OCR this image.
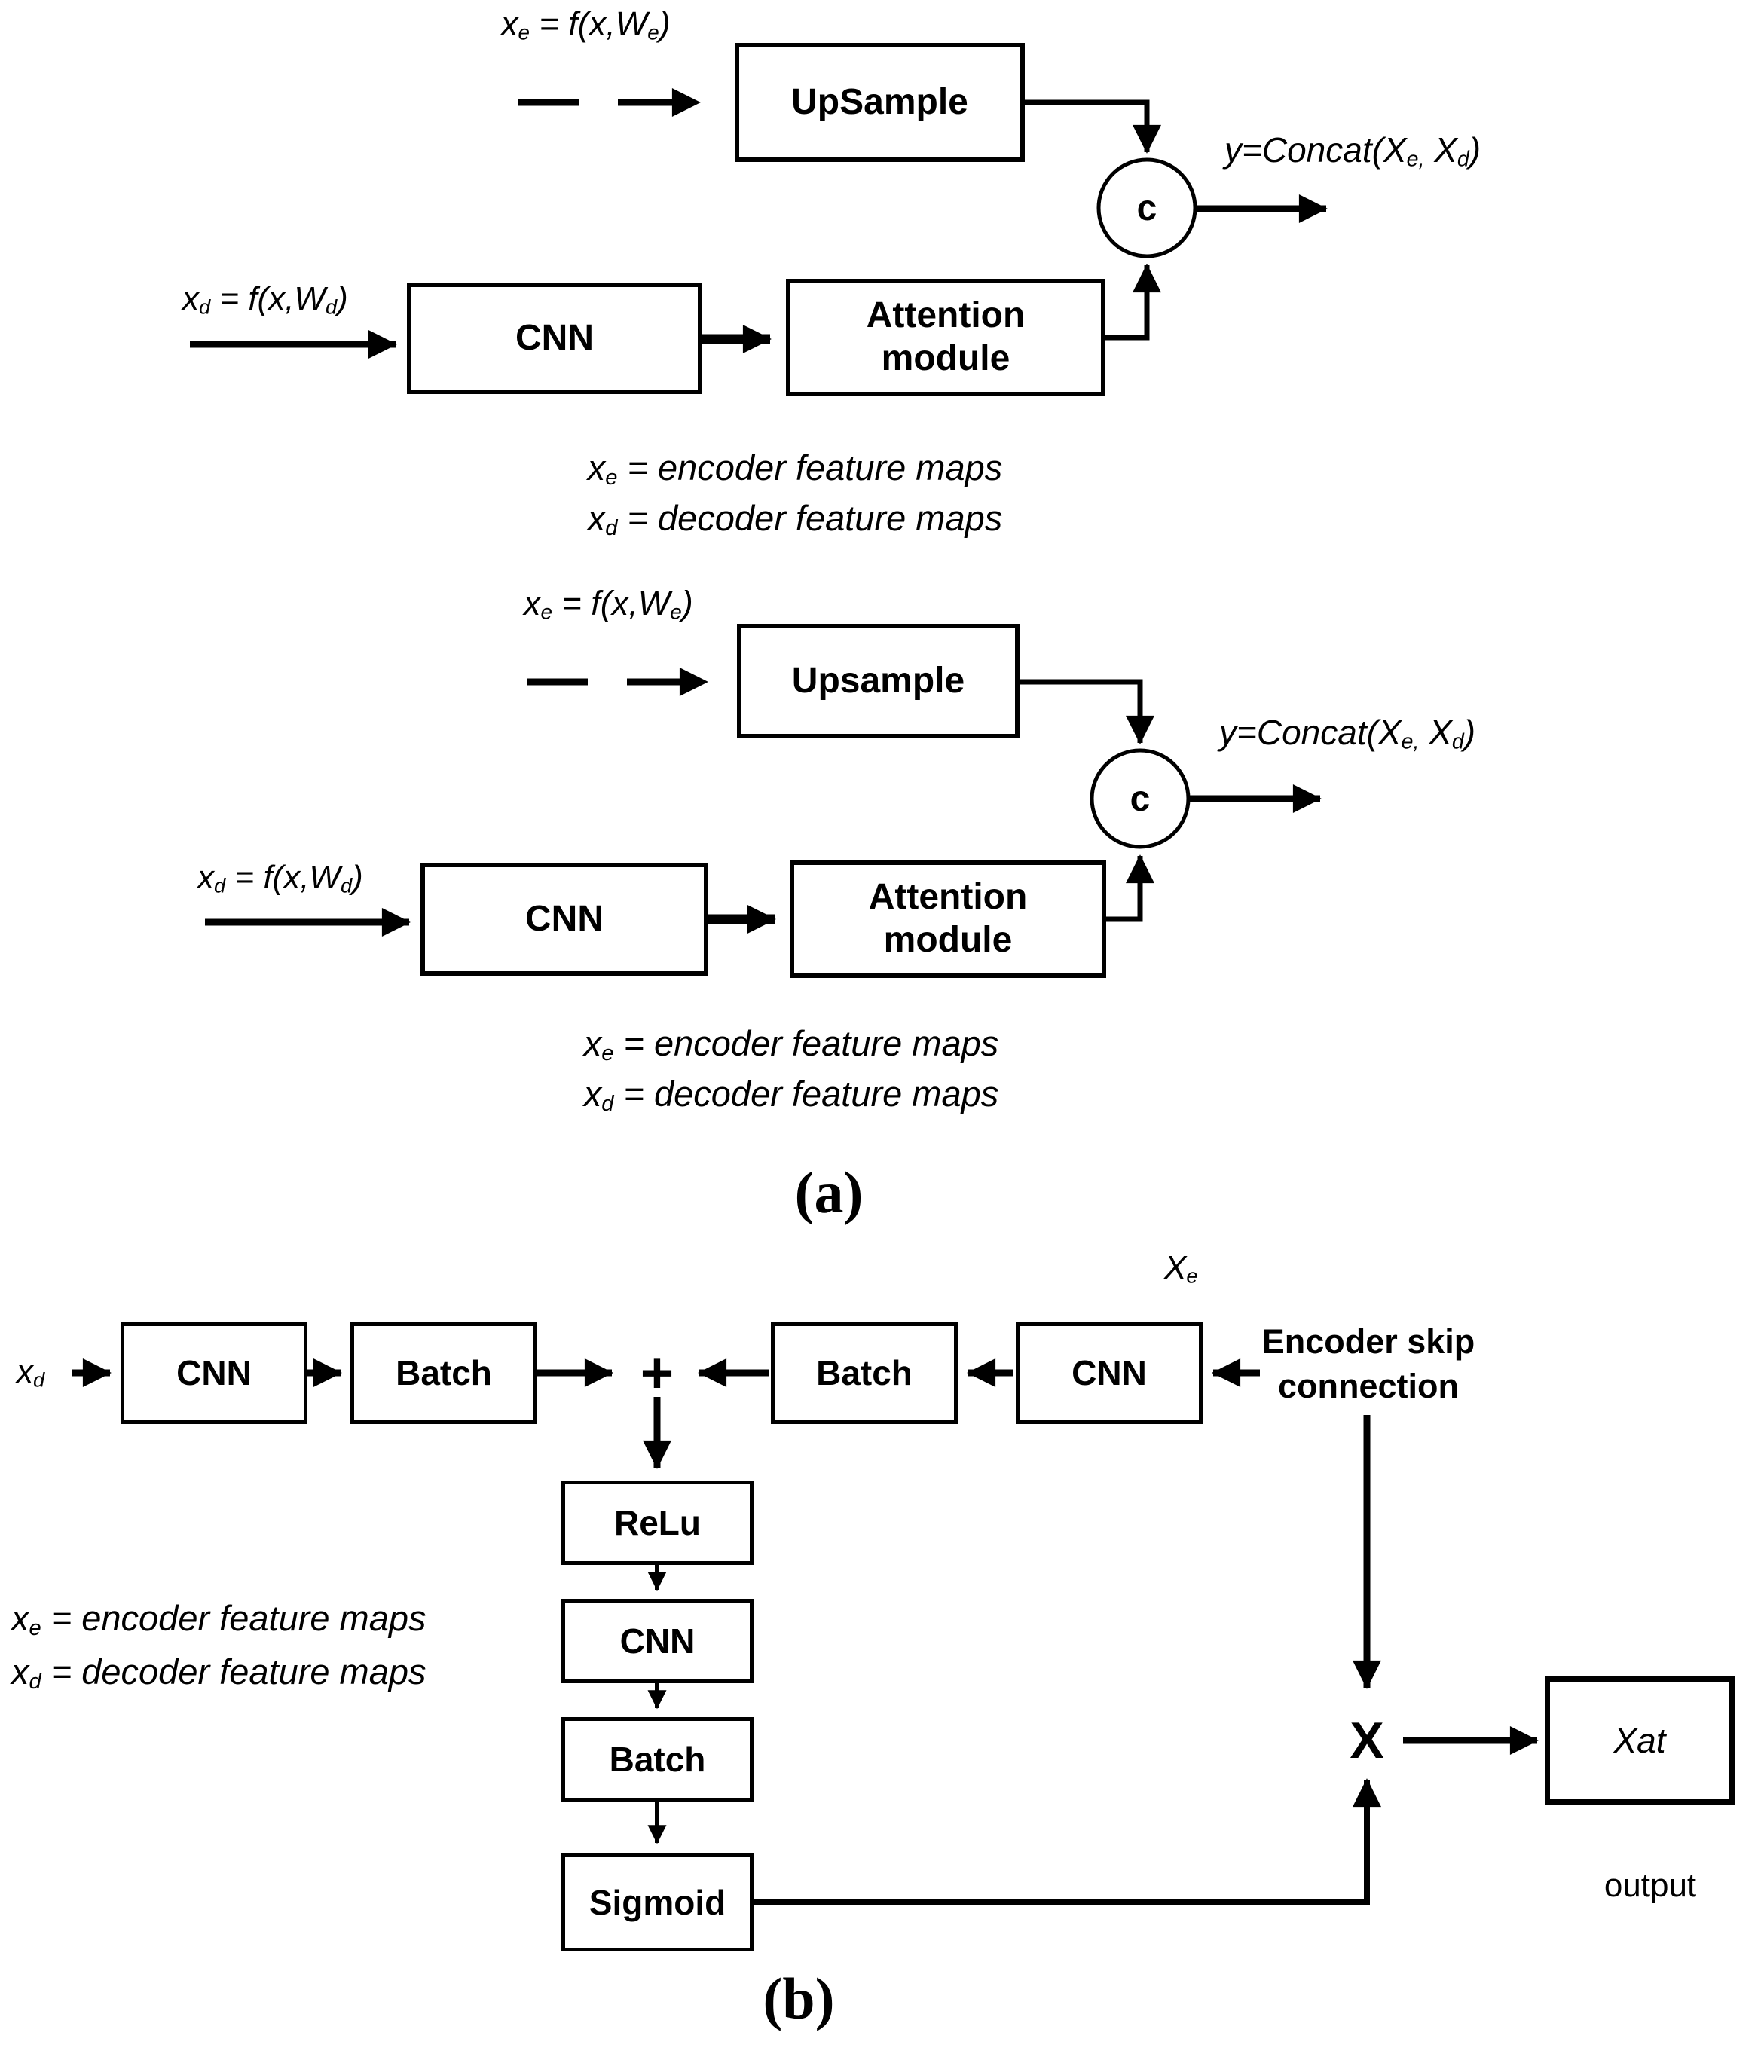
$x_e = f(x,W_e)$
UpSample
c
y=Concat(Xe, Xd)
$x_d = f(x,W_d)$
CNN
Attention module
$x_e$ = encoder feature maps
$x_d$ = decoder feature maps
$x_e = f(x,W_e)$
Upsample
c
y=Concat(Xe, Xd)
$x_d = f(x,W_d)$
CNN
Attention module
$x_e$ = encoder feature maps
$x_d$ = decoder feature maps
(a)
$x_d$	CNN	Batch	+	Batch	CNN
$X_e$
Encoder skip connection
ReLu
CNN
Batch
Sigmoid
X	Xat
output
$x_e$ = encoder feature maps
$x_d$ = decoder feature maps
(b)
